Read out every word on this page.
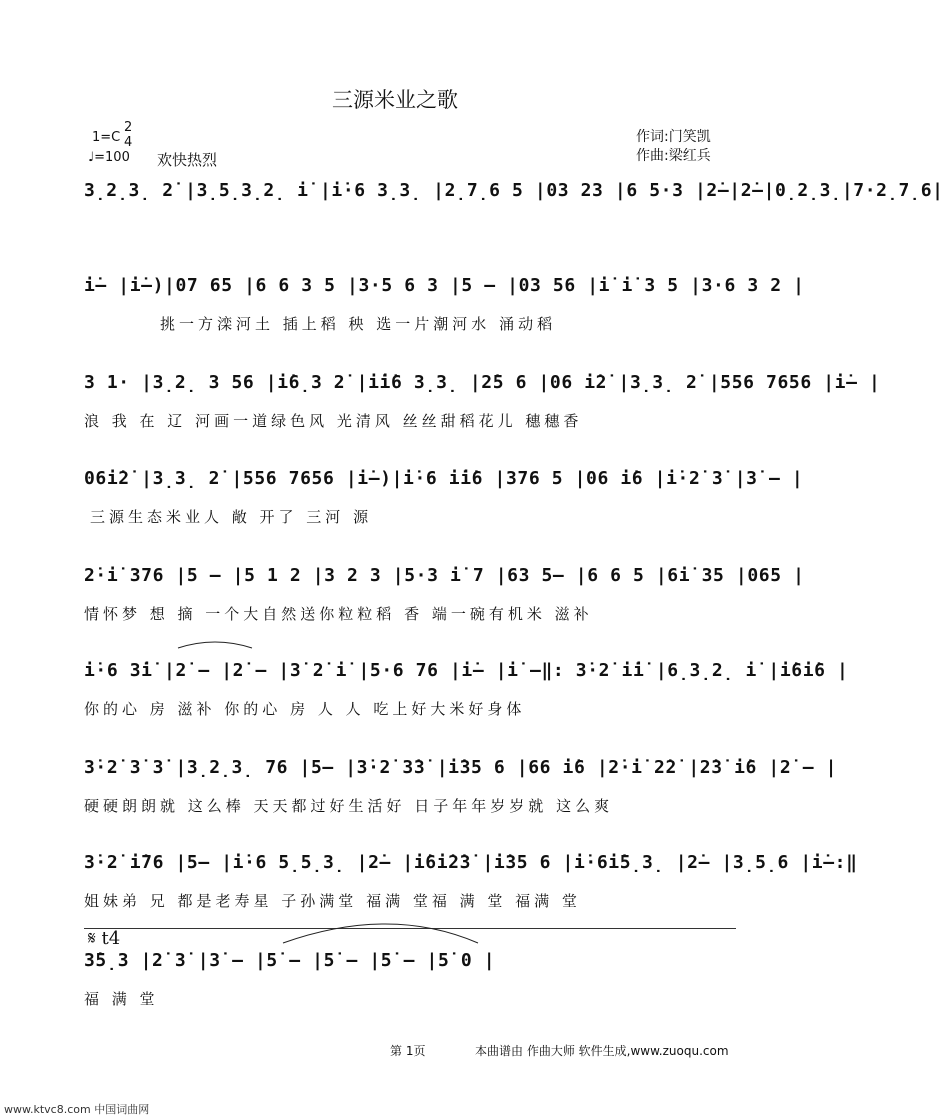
三源米业之歌
1=C
2
4
♩=100 欢快热烈
作词:门笑凯
作曲:梁红兵
3̣2̣3̣ 2̇ |3̣5̣3̣2̣ i̇ |i̇·6 3̣3̣ |2̣7̣6 5 |03 23 |6 5·3 |2̇–|2̇–|0̣2̣3̣|7·2̣7̣6|
i̇– |i̇–)|07 65 |6 6 3 5 |3·5 6 3 |5 – |03 56 |i̇ i̇ 3 5 |3·6 3 2 |
挑一方滦河土 插上稻 秧 选一片潮河水 涌动稻
3 1· |3̣2̣ 3 56 |i̇6̣3 2̇ |i̇i̇6 3̣3̣ |2̇5 6 |06 i̇2̇ |3̣3̣ 2̇ |556 7656 |i̇– |
浪 我 在 辽 河画一道绿色风 光清风 丝丝甜稻花儿 穗穗香
06i̇2̇ |3̣3̣ 2̇ |556 7656 |i̇–)|i̇·6 i̇i̇6 |376 5 |06 i̇6 |i̇·2̇ 3̇ |3̇ – |
三源生态米业人 敞 开了 三河 源
2̇·i̇ 376 |5 – |5 1 2 |3 2 3 |5·3 i̇ 7 |63 5– |6 6 5 |6i̇ 35 |065 |
情怀梦 想 摘 一个大自然送你粒粒稻 香 端一碗有机米 滋补
i̇·6 3̇i̇ |2̇ – |2̇ – |3̇ 2̇ i̇ |5·6 76 |i̇– |i̇ –‖: 3̇·2̇ i̇i̇ |6̣3̣2̣ i̇ |i̇6i̇6 |
你的心 房 滋补 你的心 房 人 人 吃上好大米好身体
3̇·2̇ 3̇ 3̇ |3̣2̣3̣ 76 |5– |3̇·2̇ 3̇3̇ |i̇35 6 |66 i̇6 |2̇·i̇ 2̇2̇ |2̇3̇ i̇6 |2̇ – |
硬硬朗朗就 这么棒 天天都过好生活好 日子年年岁岁就 这么爽
3̇·2̇ i̇76 |5– |i̇·6 5̣5̣3̣ |2̇– |i̇6i̇2̇3̇ |i̇35 6 |i̇·6i̇5̣3̣ |2̇– |3̣5̣6 |i̇–:‖
姐妹弟 兄 都是老寿星 子孙满堂 福满 堂福 满 堂 福满 堂
𝄋 t4
3̇5̣3 |2̇ 3̇ |3̇ – |5̇ – |5̇ – |5̇ – |5̇ 0 |
福 满 堂
第 1页	本曲谱由 作曲大师 软件生成,www.zuoqu.com
www.ktvc8.com 中国词曲网
